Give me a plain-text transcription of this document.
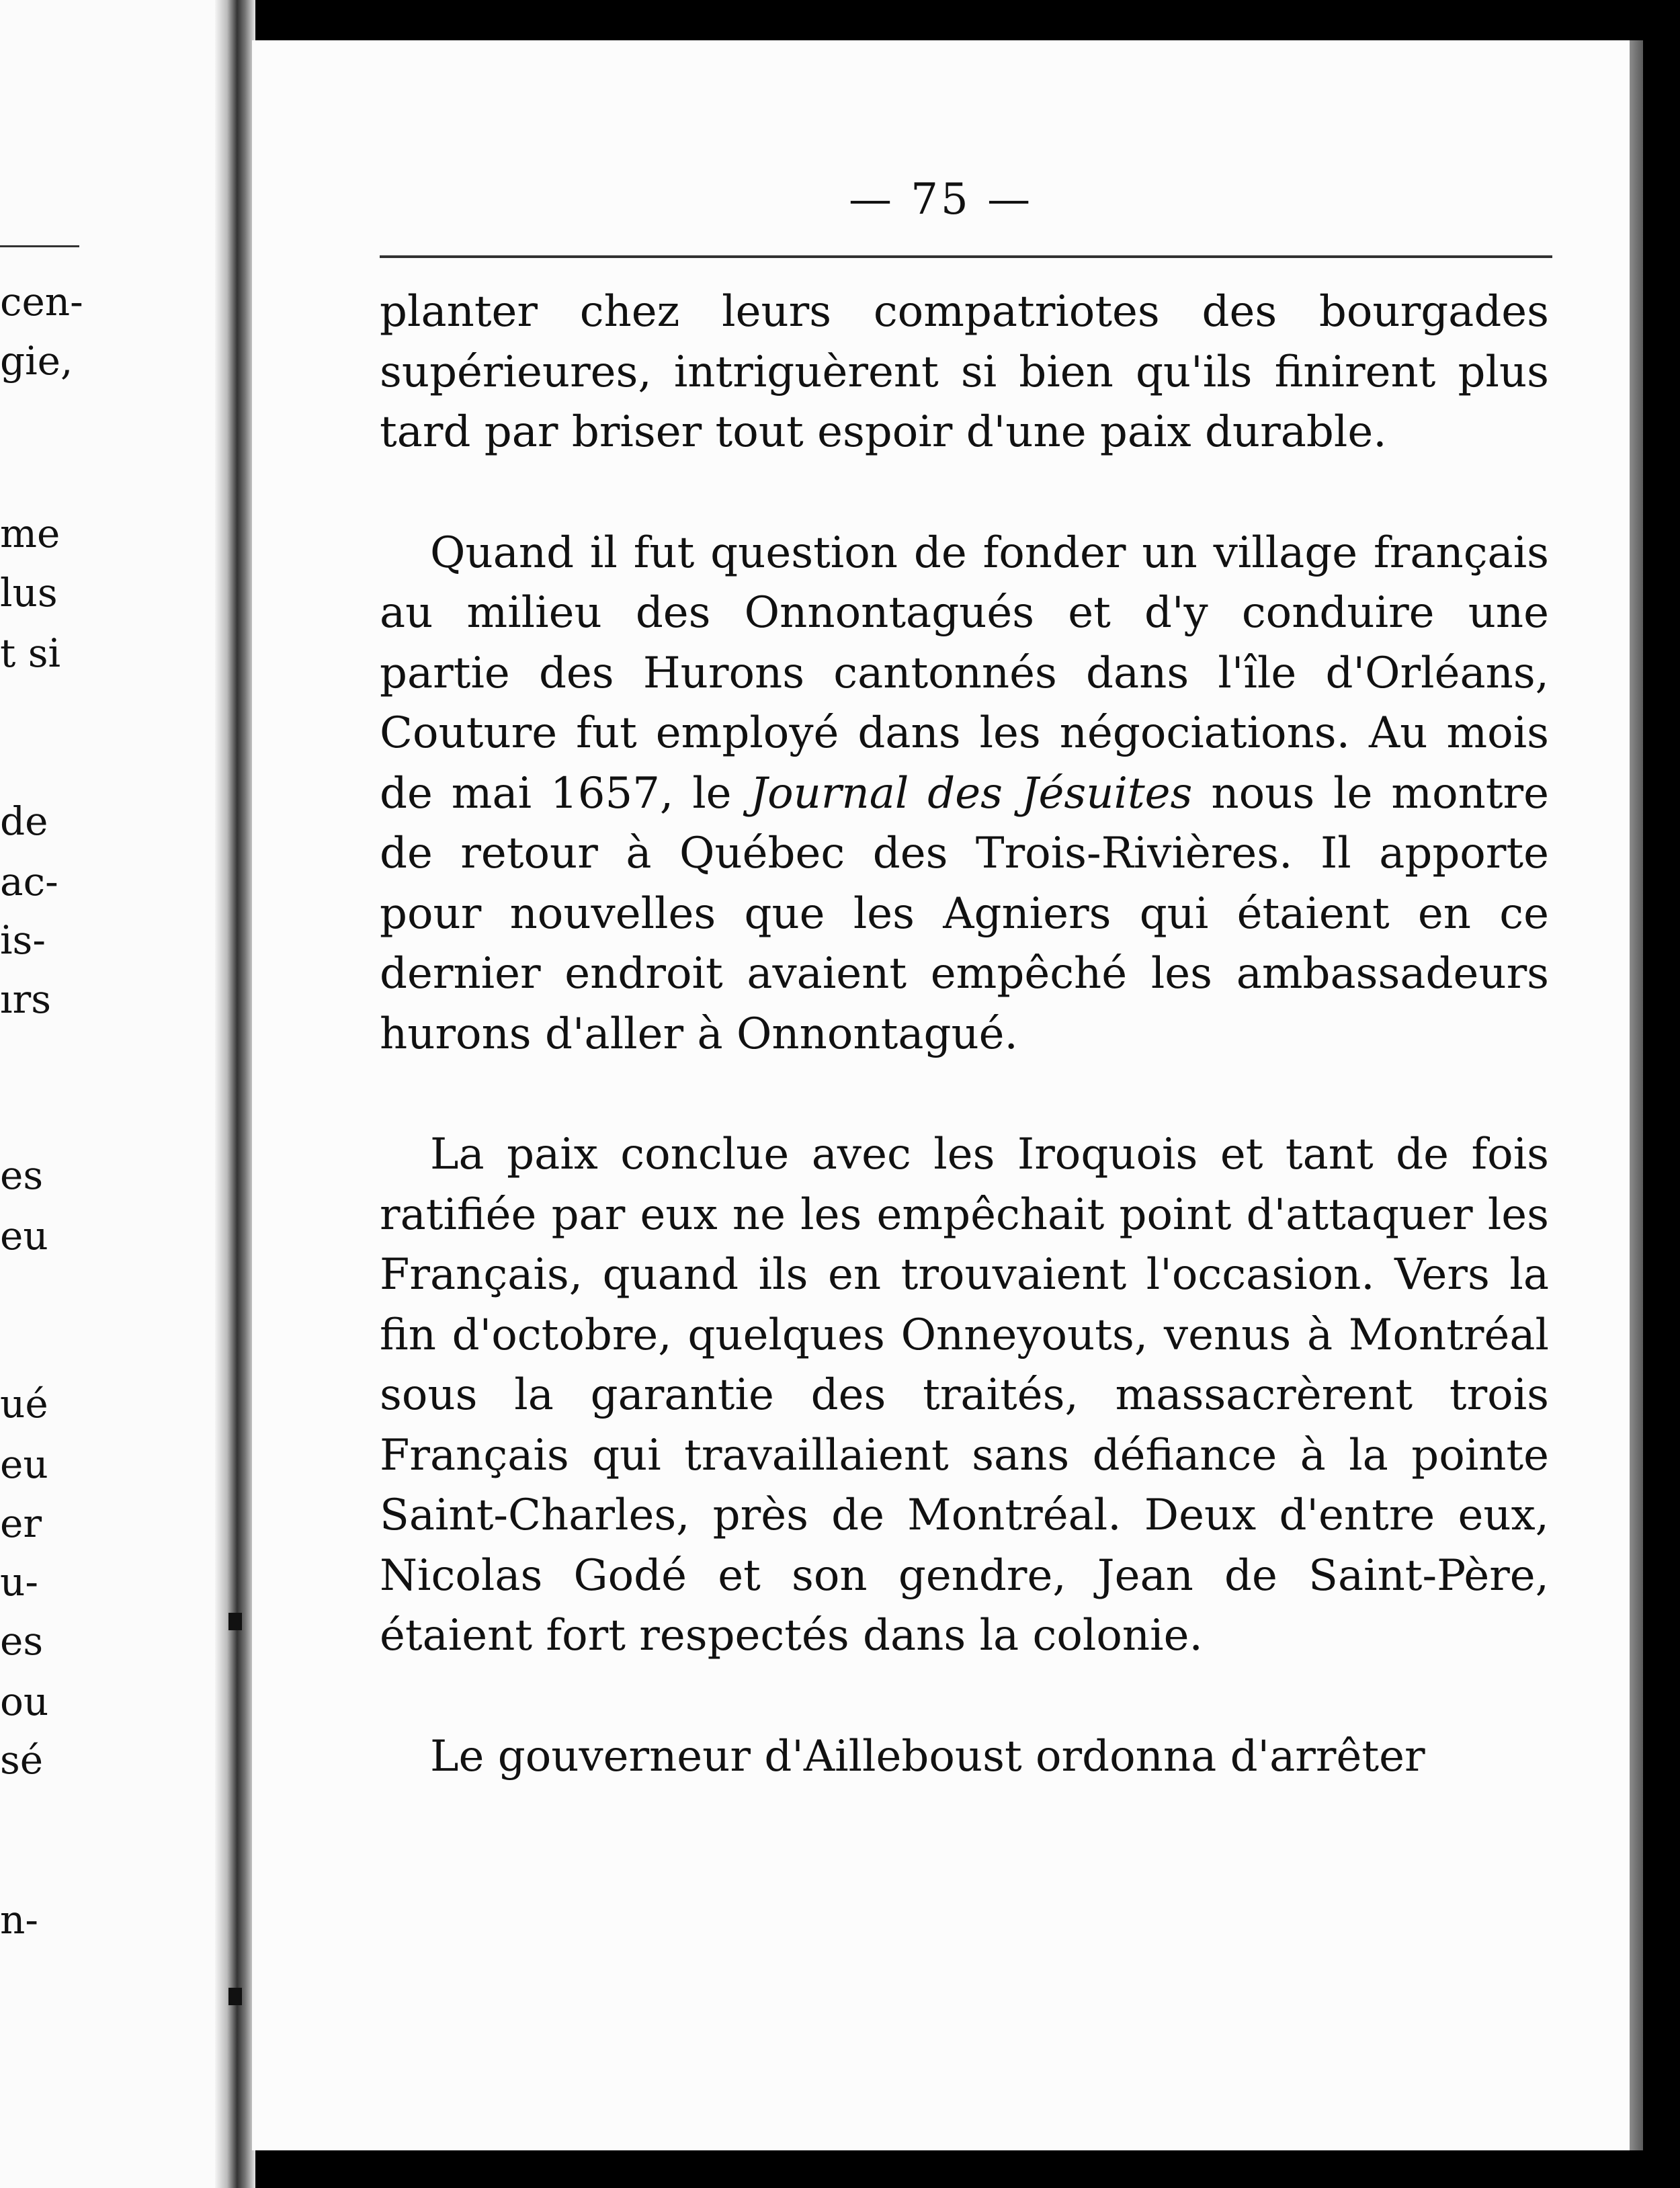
cen-
gie,
me
lus
t si
de
ac-
is-
ırs
es
eu
ué
eu
er
u-
es
ou
sé
n-
— 75 —

planter chez leurs compatriotes des bourgades supérieures, intriguèrent si bien qu'ils finirent plus tard par briser tout espoir d'une paix durable.

Quand il fut question de fonder un village français au milieu des Onnontagués et d'y conduire une partie des Hurons cantonnés dans l'île d'Orléans, Couture fut employé dans les négociations. Au mois de mai 1657, le Journal des Jésuites nous le montre de retour à Québec des Trois-Rivières. Il apporte pour nouvelles que les Agniers qui étaient en ce dernier endroit avaient empêché les ambassadeurs hurons d'aller à Onnontagué.

La paix conclue avec les Iroquois et tant de fois ratifiée par eux ne les empêchait point d'attaquer les Français, quand ils en trouvaient l'occasion. Vers la fin d'octobre, quelques Onneyouts, venus à Montréal sous la garantie des traités, massacrèrent trois Français qui travaillaient sans défiance à la pointe Saint-Charles, près de Montréal. Deux d'entre eux, Nicolas Godé et son gendre, Jean de Saint-Père, étaient fort respectés dans la colonie.

Le gouverneur d'Ailleboust ordonna d'arrêter
